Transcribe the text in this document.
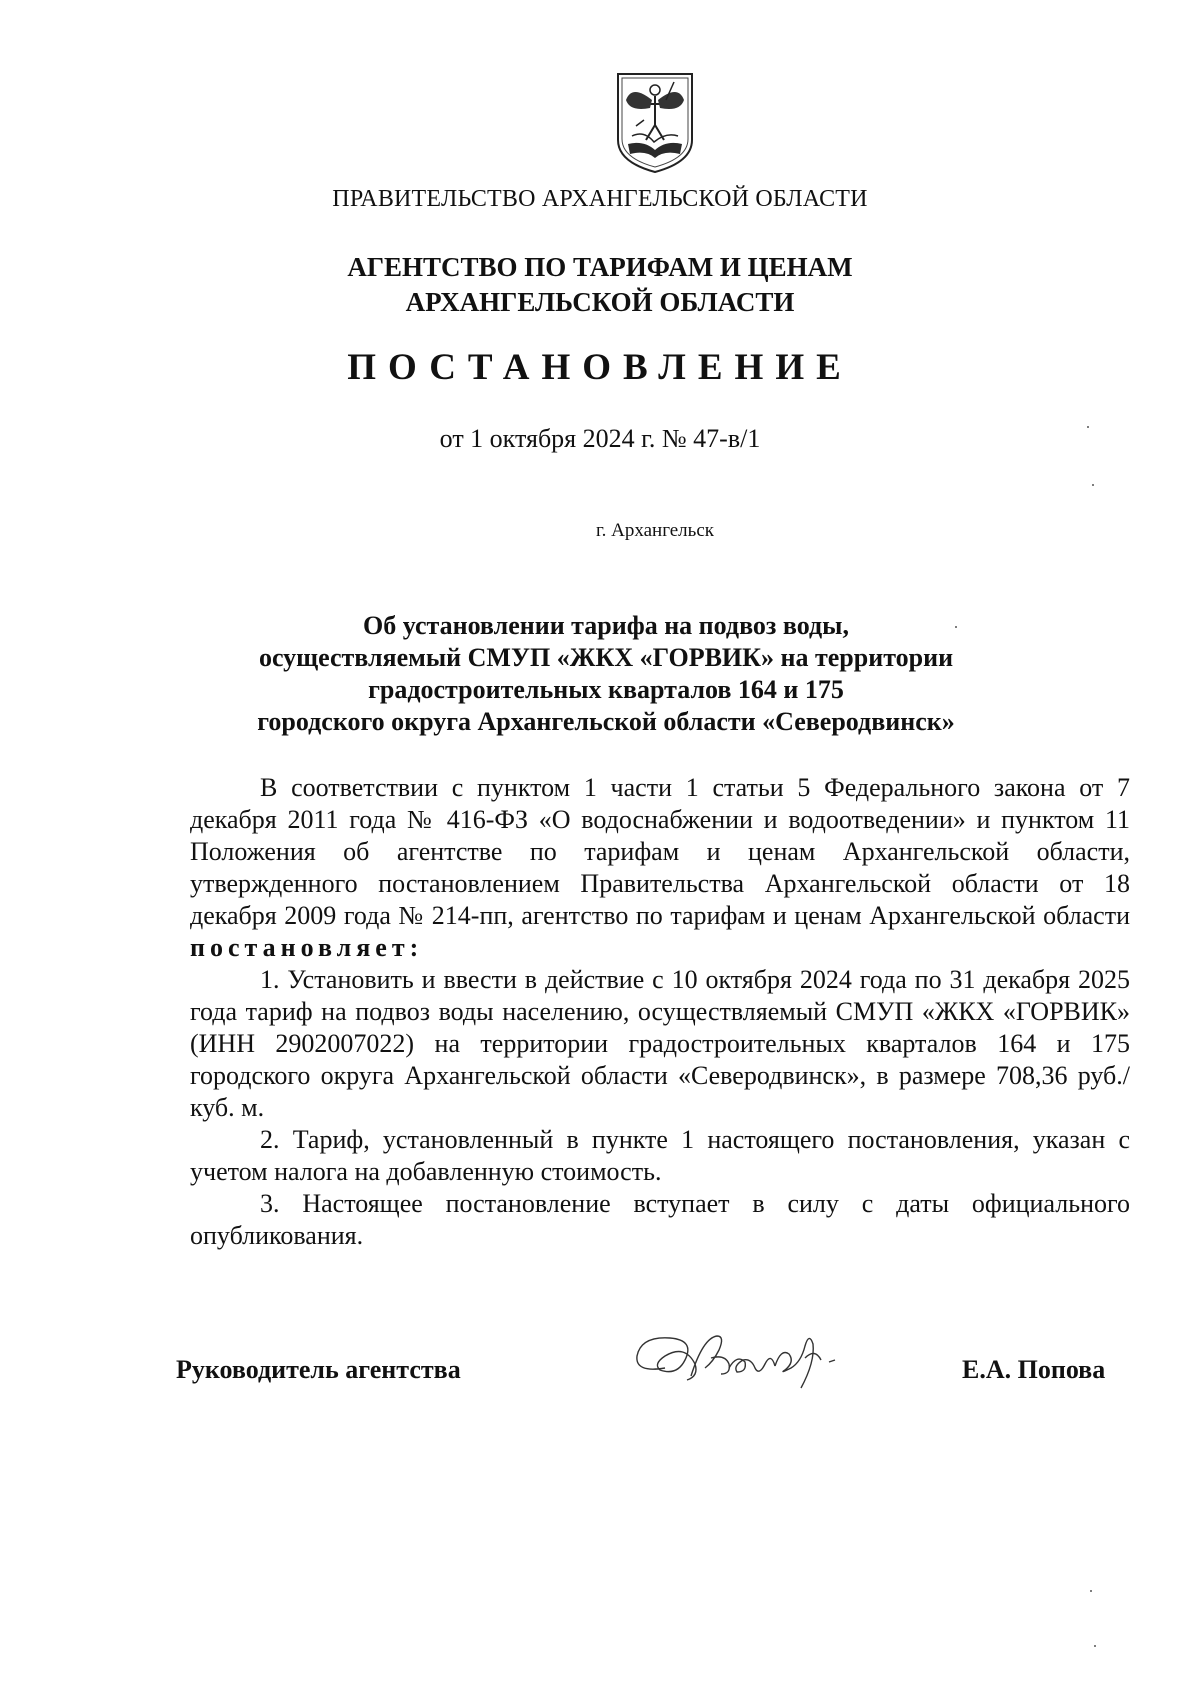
ПРАВИТЕЛЬСТВО АРХАНГЕЛЬСКОЙ ОБЛАСТИ
АГЕНТСТВО ПО ТАРИФАМ И ЦЕНАМ
АРХАНГЕЛЬСКОЙ ОБЛАСТИ
ПОСТАНОВЛЕНИЕ
от 1 октября 2024 г. № 47-в/1
г. Архангельск
Об установлении тарифа на подвоз воды,
осуществляемый СМУП «ЖКХ «ГОРВИК» на территории
градостроительных кварталов 164 и 175
городского округа Архангельской области «Северодвинск»

В соответствии с пунктом 1 части 1 статьи 5 Федерального закона от 7 декабря 2011 года № 416-ФЗ «О водоснабжении и водоотведении» и пунктом 11 Положения об агентстве по тарифам и ценам Архангельской области, утвержденного постановлением Правительства Архангельской области от 18 декабря 2009 года № 214-пп, агентство по тарифам и ценам Архангельской области постановляет:

1. Установить и ввести в действие с 10 октября 2024 года по 31 декабря 2025 года тариф на подвоз воды населению, осуществляемый СМУП «ЖКХ «ГОРВИК» (ИНН 2902007022) на территории градостроительных кварталов 164 и 175 городского округа Архангельской области «Северодвинск», в размере 708,36 руб./куб. м.

2. Тариф, установленный в пункте 1 настоящего постановления, указан с учетом налога на добавленную стоимость.

3. Настоящее постановление вступает в силу с даты официального опубликования.

Руководитель агентства	Е.А. Попова
